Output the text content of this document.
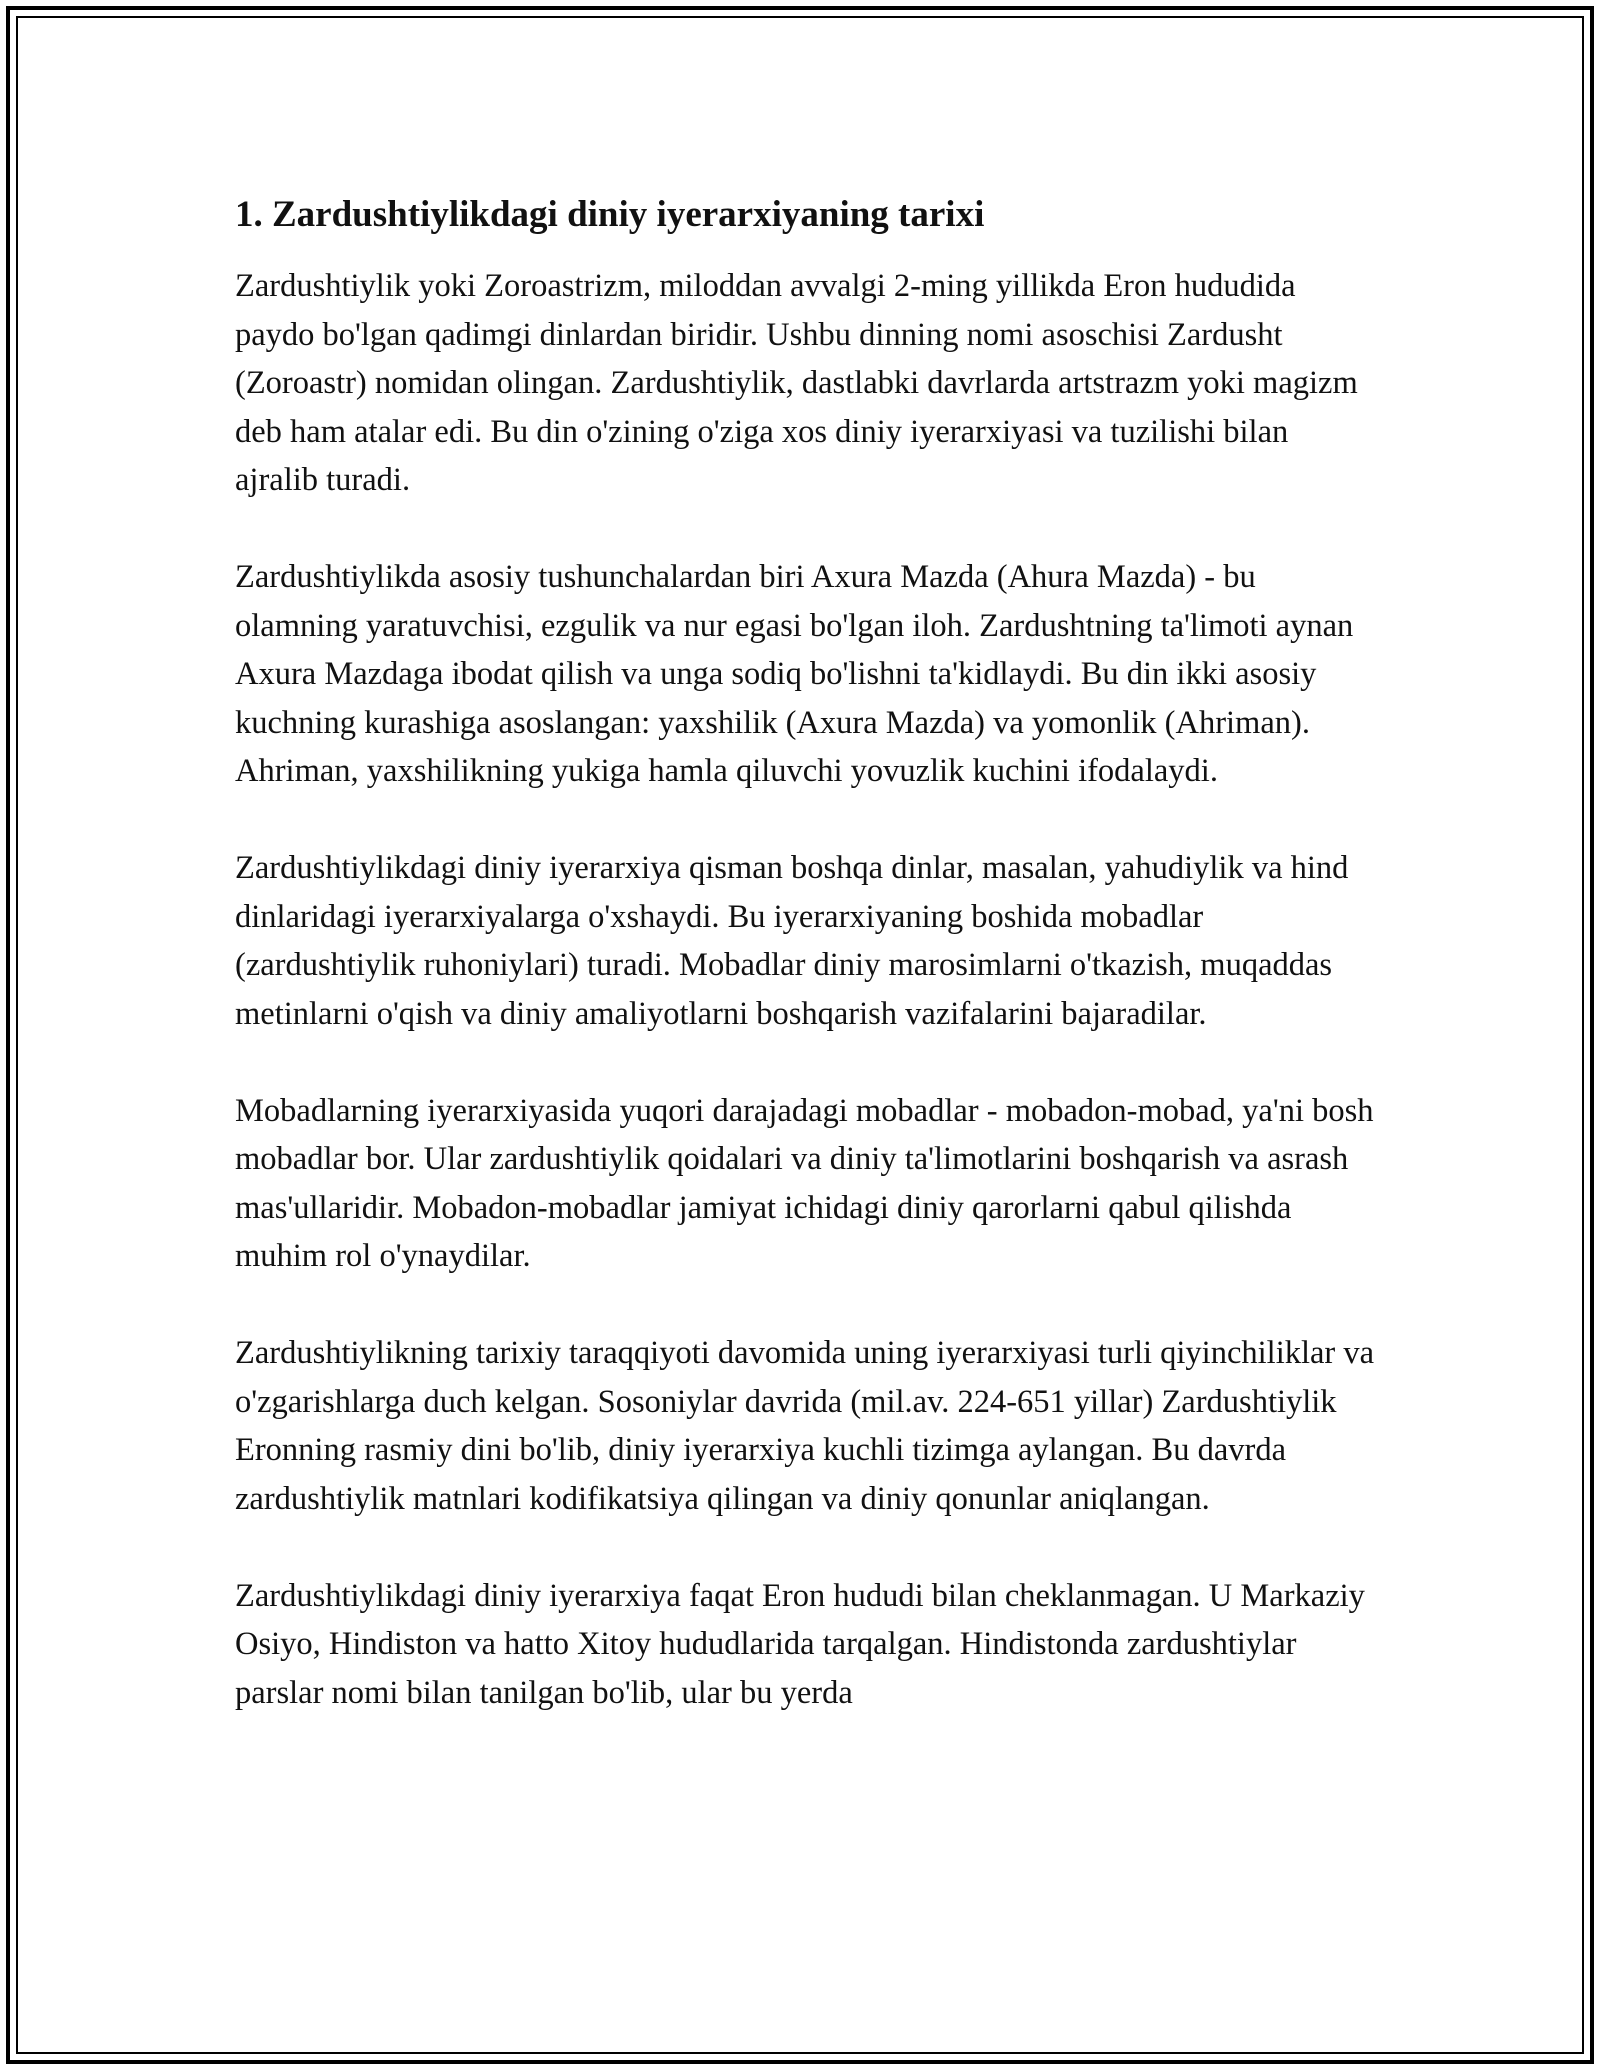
1. Zardushtiylikdagi diniy iyerarxiyaning tarixi

Zardushtiylik yoki Zoroastrizm, miloddan avvalgi 2-ming yillikda Eron hududida paydo bo'lgan qadimgi dinlardan biridir. Ushbu dinning nomi asoschisi Zardusht (Zoroastr) nomidan olingan. Zardushtiylik, dastlabki davrlarda artstrazm yoki magizm deb ham atalar edi. Bu din o'zining o'ziga xos diniy iyerarxiyasi va tuzilishi bilan ajralib turadi.

Zardushtiylikda asosiy tushunchalardan biri Axura Mazda (Ahura Mazda) - bu olamning yaratuvchisi, ezgulik va nur egasi bo'lgan iloh. Zardushtning ta'limoti aynan Axura Mazdaga ibodat qilish va unga sodiq bo'lishni ta'kidlaydi. Bu din ikki asosiy kuchning kurashiga asoslangan: yaxshilik (Axura Mazda) va yomonlik (Ahriman). Ahriman, yaxshilikning yukiga hamla qiluvchi yovuzlik kuchini ifodalaydi.

Zardushtiylikdagi diniy iyerarxiya qisman boshqa dinlar, masalan, yahudiylik va hind dinlaridagi iyerarxiyalarga o'xshaydi. Bu iyerarxiyaning boshida mobadlar (zardushtiylik ruhoniylari) turadi. Mobadlar diniy marosimlarni o'tkazish, muqaddas metinlarni o'qish va diniy amaliyotlarni boshqarish vazifalarini bajaradilar.

Mobadlarning iyerarxiyasida yuqori darajadagi mobadlar - mobadon-mobad, ya'ni bosh mobadlar bor. Ular zardushtiylik qoidalari va diniy ta'limotlarini boshqarish va asrash mas'ullaridir. Mobadon-mobadlar jamiyat ichidagi diniy qarorlarni qabul qilishda muhim rol o'ynaydilar.

Zardushtiylikning tarixiy taraqqiyoti davomida uning iyerarxiyasi turli qiyinchiliklar va o'zgarishlarga duch kelgan. Sosoniylar davrida (mil.av. 224-651 yillar) Zardushtiylik Eronning rasmiy dini bo'lib, diniy iyerarxiya kuchli tizimga aylangan. Bu davrda zardushtiylik matnlari kodifikatsiya qilingan va diniy qonunlar aniqlangan.

Zardushtiylikdagi diniy iyerarxiya faqat Eron hududi bilan cheklanmagan. U Markaziy Osiyo, Hindiston va hatto Xitoy hududlarida tarqalgan. Hindistonda zardushtiylar parslar nomi bilan tanilgan bo'lib, ular bu yerda
